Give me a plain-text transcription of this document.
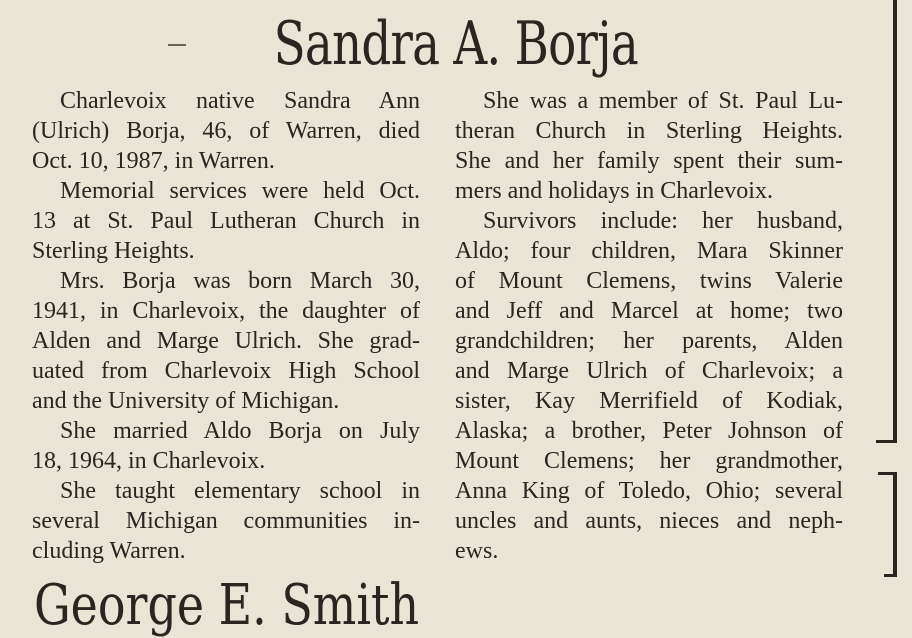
Sandra A. Borja
Charlevoix native Sandra Ann
(Ulrich) Borja, 46, of Warren, died
Oct. 10, 1987, in Warren.
Memorial services were held Oct.
13 at St. Paul Lutheran Church in
Sterling Heights.
Mrs. Borja was born March 30,
1941, in Charlevoix, the daughter of
Alden and Marge Ulrich. She grad-
uated from Charlevoix High School
and the University of Michigan.
She married Aldo Borja on July
18, 1964, in Charlevoix.
She taught elementary school in
several Michigan communities in-
cluding Warren.
She was a member of St. Paul Lu-
theran Church in Sterling Heights.
She and her family spent their sum-
mers and holidays in Charlevoix.
Survivors include: her husband,
Aldo; four children, Mara Skinner
of Mount Clemens, twins Valerie
and Jeff and Marcel at home; two
grandchildren; her parents, Alden
and Marge Ulrich of Charlevoix; a
sister, Kay Merrifield of Kodiak,
Alaska; a brother, Peter Johnson of
Mount Clemens; her grandmother,
Anna King of Toledo, Ohio; several
uncles and aunts, nieces and neph-
ews.
George E. Smith
